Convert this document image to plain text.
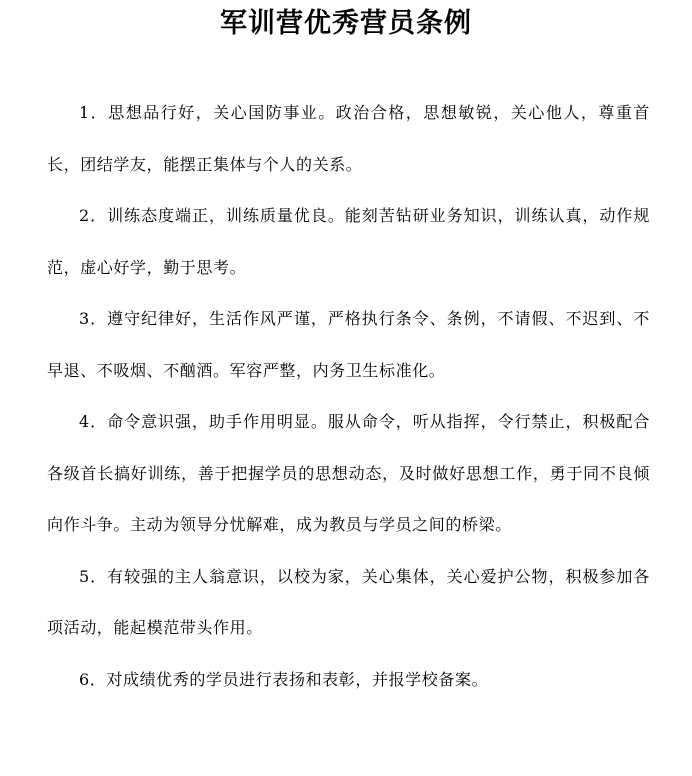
军训营优秀营员条例

1．思想品行好，关心国防事业。政治合格，思想敏锐，关心他人，尊重首长，团结学友，能摆正集体与个人的关系。

2．训练态度端正，训练质量优良。能刻苦钻研业务知识，训练认真，动作规范，虚心好学，勤于思考。

3．遵守纪律好，生活作风严谨，严格执行条令、条例，不请假、不迟到、不早退、不吸烟、不酗酒。军容严整，内务卫生标准化。

4．命令意识强，助手作用明显。服从命令，听从指挥，令行禁止，积极配合各级首长搞好训练，善于把握学员的思想动态，及时做好思想工作，勇于同不良倾向作斗争。主动为领导分忧解难，成为教员与学员之间的桥梁。

5．有较强的主人翁意识，以校为家，关心集体，关心爱护公物，积极参加各项活动，能起模范带头作用。

6．对成绩优秀的学员进行表扬和表彰，并报学校备案。
